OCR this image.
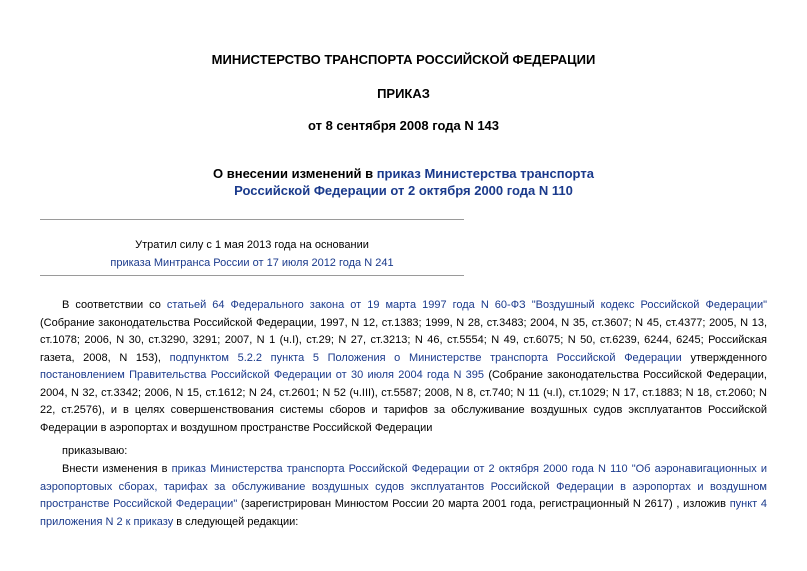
МИНИСТЕРСТВО ТРАНСПОРТА РОССИЙСКОЙ ФЕДЕРАЦИИ
ПРИКАЗ
от 8 сентября 2008 года N 143
О внесении изменений в приказ Министерства транспорта
Российской Федерации от 2 октября 2000 года N 110
Утратил силу с 1 мая 2013 года на основании
приказа Минтранса России от 17 июля 2012 года N 241
В соответствии со статьей 64 Федерального закона от 19 марта 1997 года N 60-ФЗ "Воздушный кодекс Российской Федерации"(Собрание законодательства Российской Федерации, 1997, N 12, ст.1383; 1999, N 28, ст.3483; 2004, N 35, ст.3607; N 45, ст.4377; 2005, N 13, ст.1078; 2006, N 30, ст.3290, 3291; 2007, N 1 (ч.I), ст.29; N 27, ст.3213; N 46, ст.5554; N 49, ст.6075; N 50, ст.6239, 6244, 6245; Российская газета, 2008, N 153), подпунктом 5.2.2 пункта 5 Положения о Министерстве транспорта Российской Федерации утвержденного постановлением Правительства Российской Федерации от 30 июля 2004 года N 395 (Собрание законодательства Российской Федерации, 2004, N 32, ст.3342; 2006, N 15, ст.1612; N 24, ст.2601; N 52 (ч.III), ст.5587; 2008, N 8, ст.740; N 11 (ч.I), ст.1029; N 17, ст.1883; N 18, ст.2060; N 22, ст.2576), и в целях совершенствования системы сборов и тарифов за обслуживание воздушных судов эксплуатантов Российской Федерации в аэропортах и воздушном пространстве Российской Федерации
приказываю:
Внести изменения в приказ Министерства транспорта Российской Федерации от 2 октября 2000 года N 110 "Об аэронавигационных и аэропортовых сборах, тарифах за обслуживание воздушных судов эксплуатантов Российской Федерации в аэропортах и воздушном пространстве Российской Федерации" (зарегистрирован Минюстом России 20 марта 2001 года, регистрационный N 2617) , изложив пункт 4 приложения N 2 к приказу в следующей редакции:
